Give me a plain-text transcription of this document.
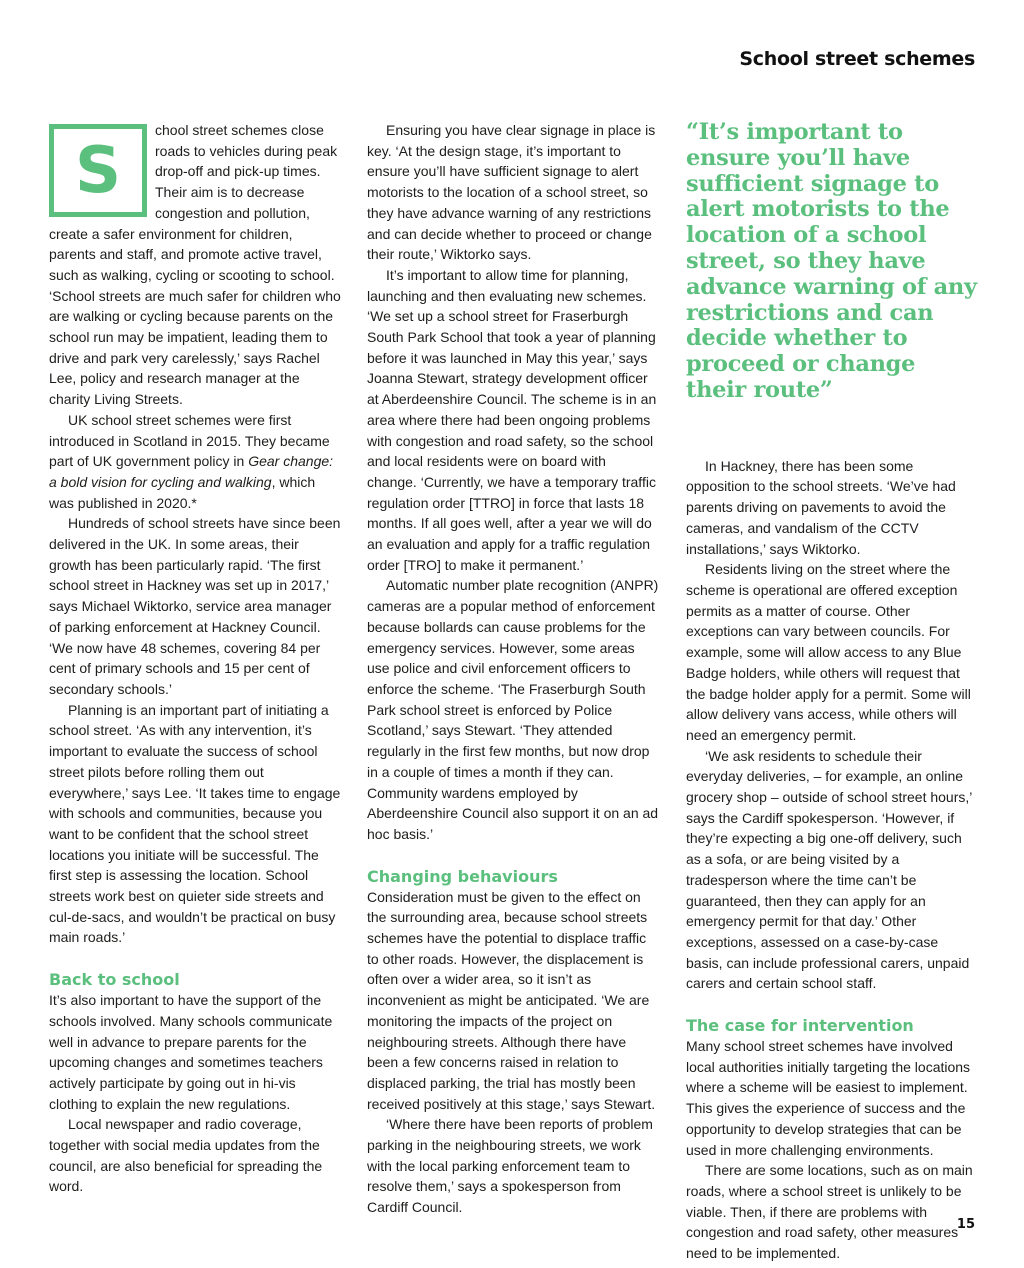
School street schemes
S

chool street schemes close roads to vehicles during peak drop-off and pick-up times. Their aim is to decrease congestion and pollution, create a safer environment for children, parents and staff, and promote active travel, such as walking, cycling or scooting to school. ‘School streets are much safer for children who are walking or cycling because parents on the school run may be impatient, leading them to drive and park very carelessly,’ says Rachel Lee, policy and research manager at the charity Living Streets.

UK school street schemes were first introduced in Scotland in 2015. They became part of UK government policy in Gear change: a bold vision for cycling and walking, which was published in 2020.*

Hundreds of school streets have since been delivered in the UK. In some areas, their growth has been particularly rapid. ‘The first school street in Hackney was set up in 2017,’ says Michael Wiktorko, service area manager of parking enforcement at Hackney Council. ‘We now have 48 schemes, covering 84 per cent of primary schools and 15 per cent of secondary schools.’

Planning is an important part of initiating a school street. ‘As with any intervention, it’s important to evaluate the success of school street pilots before rolling them out everywhere,’ says Lee. ‘It takes time to engage with schools and communities, because you want to be confident that the school street locations you initiate will be successful. The first step is assessing the location. School streets work best on quieter side streets and cul-de-sacs, and wouldn’t be practical on busy main roads.’

Back to school

It’s also important to have the support of the schools involved. Many schools communicate well in advance to prepare parents for the upcoming changes and sometimes teachers actively participate by going out in hi-vis clothing to explain the new regulations.

Local newspaper and radio coverage, together with social media updates from the council, are also beneficial for spreading the word.

Ensuring you have clear signage in place is key. ‘At the design stage, it’s important to ensure you’ll have sufficient signage to alert motorists to the location of a school street, so they have advance warning of any restrictions and can decide whether to proceed or change their route,’ Wiktorko says.

It’s important to allow time for planning, launching and then evaluating new schemes. ‘We set up a school street for Fraserburgh South Park School that took a year of planning before it was launched in May this year,’ says Joanna Stewart, strategy development officer at Aberdeenshire Council. The scheme is in an area where there had been ongoing problems with congestion and road safety, so the school and local residents were on board with change. ‘Currently, we have a temporary traffic regulation order [TTRO] in force that lasts 18 months. If all goes well, after a year we will do an evaluation and apply for a traffic regulation order [TRO] to make it permanent.’

Automatic number plate recognition (ANPR) cameras are a popular method of enforcement because bollards can cause problems for the emergency services. However, some areas use police and civil enforcement officers to enforce the scheme. ‘The Fraserburgh South Park school street is enforced by Police Scotland,’ says Stewart. ‘They attended regularly in the first few months, but now drop in a couple of times a month if they can. Community wardens employed by Aberdeenshire Council also support it on an ad hoc basis.’

Changing behaviours

Consideration must be given to the effect on the surrounding area, because school streets schemes have the potential to displace traffic to other roads. However, the displacement is often over a wider area, so it isn’t as inconvenient as might be anticipated. ‘We are monitoring the impacts of the project on neighbouring streets. Although there have been a few concerns raised in relation to displaced parking, the trial has mostly been received positively at this stage,’ says Stewart.

‘Where there have been reports of problem parking in the neighbouring streets, we work with the local parking enforcement team to resolve them,’ says a spokesperson from Cardiff Council.

“It’s important to ensure you’ll have sufficient signage to alert motorists to the location of a school street, so they have advance warning of any restrictions and can decide whether to proceed or change their route”

In Hackney, there has been some opposition to the school streets. ‘We’ve had parents driving on pavements to avoid the cameras, and vandalism of the CCTV installations,’ says Wiktorko.

Residents living on the street where the scheme is operational are offered exception permits as a matter of course. Other exceptions can vary between councils. For example, some will allow access to any Blue Badge holders, while others will request that the badge holder apply for a permit. Some will allow delivery vans access, while others will need an emergency permit.

‘We ask residents to schedule their everyday deliveries, – for example, an online grocery shop – outside of school street hours,’ says the Cardiff spokesperson. ‘However, if they’re expecting a big one-off delivery, such as a sofa, or are being visited by a tradesperson where the time can’t be guaranteed, then they can apply for an emergency permit for that day.’ Other exceptions, assessed on a case-by-case basis, can include professional carers, unpaid carers and certain school staff.

The case for intervention

Many school street schemes have involved local authorities initially targeting the locations where a scheme will be easiest to implement. This gives the experience of success and the opportunity to develop strategies that can be used in more challenging environments.

There are some locations, such as on main roads, where a school street is unlikely to be viable. Then, if there are problems with congestion and road safety, other measures need to be implemented.

15
